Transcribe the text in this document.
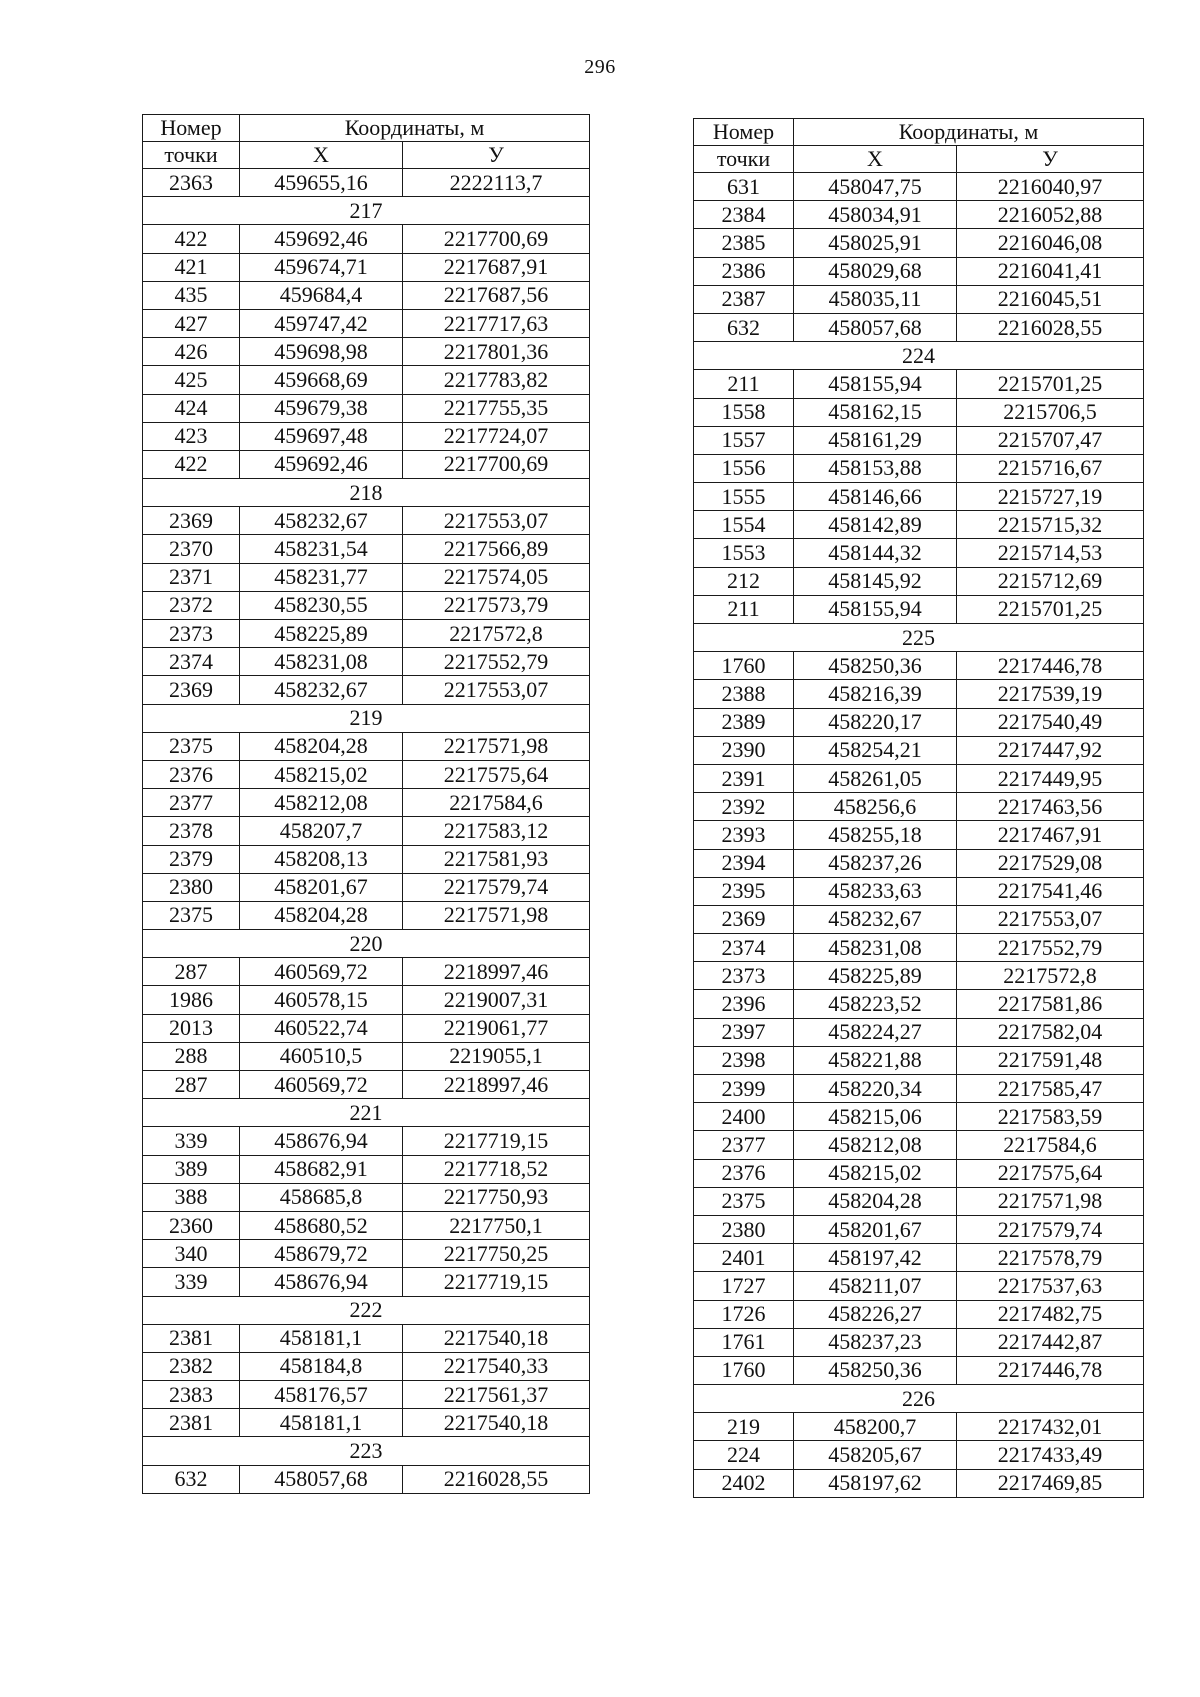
296
Номер	Координаты, м	
точки	X	У
2363	459655,16	2222113,7
217		
422	459692,46	2217700,69
421	459674,71	2217687,91
435	459684,4	2217687,56
427	459747,42	2217717,63
426	459698,98	2217801,36
425	459668,69	2217783,82
424	459679,38	2217755,35
423	459697,48	2217724,07
422	459692,46	2217700,69
218		
2369	458232,67	2217553,07
2370	458231,54	2217566,89
2371	458231,77	2217574,05
2372	458230,55	2217573,79
2373	458225,89	2217572,8
2374	458231,08	2217552,79
2369	458232,67	2217553,07
219		
2375	458204,28	2217571,98
2376	458215,02	2217575,64
2377	458212,08	2217584,6
2378	458207,7	2217583,12
2379	458208,13	2217581,93
2380	458201,67	2217579,74
2375	458204,28	2217571,98
220		
287	460569,72	2218997,46
1986	460578,15	2219007,31
2013	460522,74	2219061,77
288	460510,5	2219055,1
287	460569,72	2218997,46
221		
339	458676,94	2217719,15
389	458682,91	2217718,52
388	458685,8	2217750,93
2360	458680,52	2217750,1
340	458679,72	2217750,25
339	458676,94	2217719,15
222		
2381	458181,1	2217540,18
2382	458184,8	2217540,33
2383	458176,57	2217561,37
2381	458181,1	2217540,18
223		
632	458057,68	2216028,55
Номер	Координаты, м	
точки	X	У
631	458047,75	2216040,97
2384	458034,91	2216052,88
2385	458025,91	2216046,08
2386	458029,68	2216041,41
2387	458035,11	2216045,51
632	458057,68	2216028,55
224		
211	458155,94	2215701,25
1558	458162,15	2215706,5
1557	458161,29	2215707,47
1556	458153,88	2215716,67
1555	458146,66	2215727,19
1554	458142,89	2215715,32
1553	458144,32	2215714,53
212	458145,92	2215712,69
211	458155,94	2215701,25
225		
1760	458250,36	2217446,78
2388	458216,39	2217539,19
2389	458220,17	2217540,49
2390	458254,21	2217447,92
2391	458261,05	2217449,95
2392	458256,6	2217463,56
2393	458255,18	2217467,91
2394	458237,26	2217529,08
2395	458233,63	2217541,46
2369	458232,67	2217553,07
2374	458231,08	2217552,79
2373	458225,89	2217572,8
2396	458223,52	2217581,86
2397	458224,27	2217582,04
2398	458221,88	2217591,48
2399	458220,34	2217585,47
2400	458215,06	2217583,59
2377	458212,08	2217584,6
2376	458215,02	2217575,64
2375	458204,28	2217571,98
2380	458201,67	2217579,74
2401	458197,42	2217578,79
1727	458211,07	2217537,63
1726	458226,27	2217482,75
1761	458237,23	2217442,87
1760	458250,36	2217446,78
226		
219	458200,7	2217432,01
224	458205,67	2217433,49
2402	458197,62	2217469,85
